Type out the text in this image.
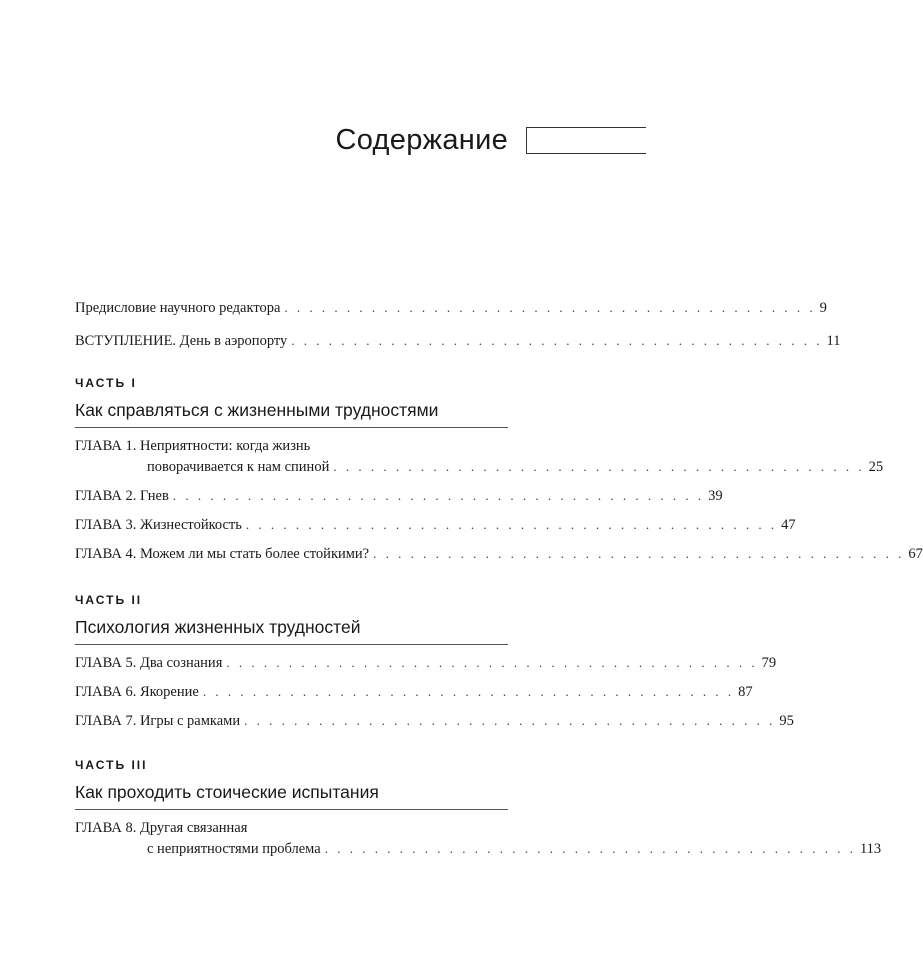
Содержание
Предисловие научного редактора . . . . . . . . . . . . . . . . . . . . . . . . . . . . . . . . . . . . . . . . . . . 9
ВСТУПЛЕНИЕ. День в аэропорту . . . . . . . . . . . . . . . . . . . . . . . . . . . . . . . . . . . . . . . . . . . 11
ЧАСТЬ I
Как справляться с жизненными трудностями
ГЛАВА 1. Неприятности: когда жизнь
поворачивается к нам спиной . . . . . . . . . . . . . . . . . . . . . . . . . . . . . . . . . . . . . . . . . . . 25
ГЛАВА 2. Гнев . . . . . . . . . . . . . . . . . . . . . . . . . . . . . . . . . . . . . . . . . . . 39
ГЛАВА 3. Жизнестойкость . . . . . . . . . . . . . . . . . . . . . . . . . . . . . . . . . . . . . . . . . . . 47
ГЛАВА 4. Можем ли мы стать более стойкими? . . . . . . . . . . . . . . . . . . . . . . . . . . . . . . . . . . . . . . . . . . . 67
ЧАСТЬ II
Психология жизненных трудностей
ГЛАВА 5. Два сознания . . . . . . . . . . . . . . . . . . . . . . . . . . . . . . . . . . . . . . . . . . . 79
ГЛАВА 6. Якорение . . . . . . . . . . . . . . . . . . . . . . . . . . . . . . . . . . . . . . . . . . . 87
ГЛАВА 7. Игры с рамками . . . . . . . . . . . . . . . . . . . . . . . . . . . . . . . . . . . . . . . . . . . 95
ЧАСТЬ III
Как проходить стоические испытания
ГЛАВА 8. Другая связанная
с неприятностями проблема . . . . . . . . . . . . . . . . . . . . . . . . . . . . . . . . . . . . . . . . . . . 113
